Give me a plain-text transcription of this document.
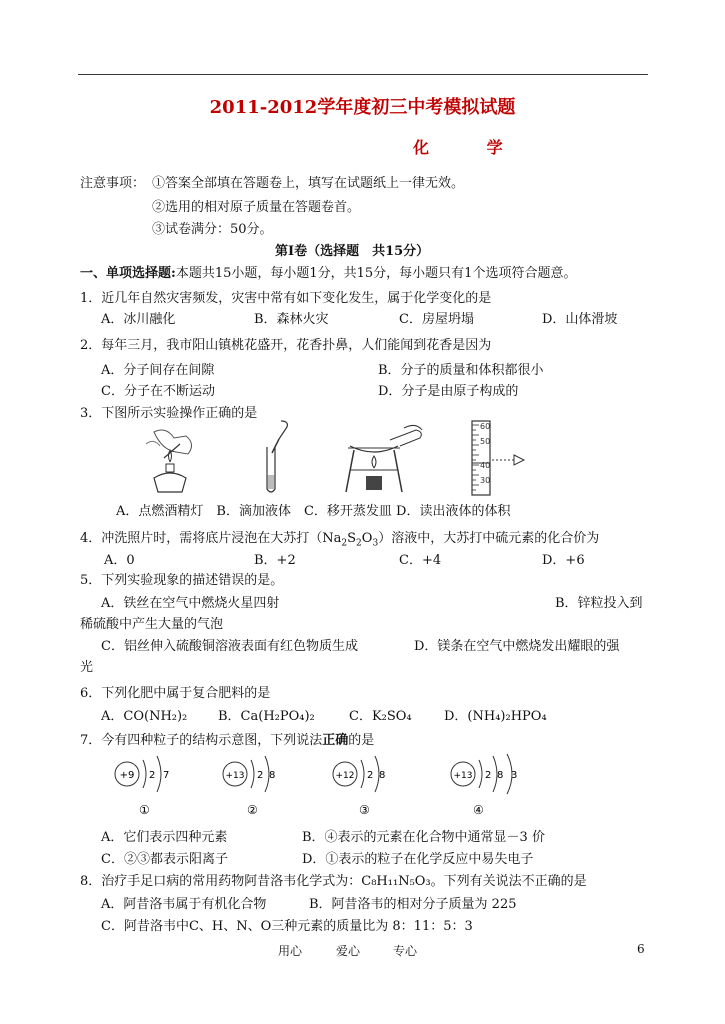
2011-2012学年度初三中考模拟试题
化 学
注意事项： ①答案全部填在答题卷上，填写在试题纸上一律无效。
②选用的相对原子质量在答题卷首。
③试卷满分：50分。
第Ⅰ卷（选择题　共15分）
一、单项选择题:本题共15小题，每小题1分，共15分，每小题只有1个选项符合题意。
1．近几年自然灾害频发，灾害中常有如下变化发生，属于化学变化的是
A．冰川融化	B．森林火灾	C．房屋坍塌	D．山体滑坡
2．每年三月，我市阳山镇桃花盛开，花香扑鼻，人们能闻到花香是因为
A．分子间存在间隙	B．分子的质量和体积都很小
C．分子在不断运动	D．分子是由原子构成的
3．下图所示实验操作正确的是
60
50
40
30
A．点燃酒精灯　B．滴加液体　C．移开蒸发皿 D．读出液体的体积
4．冲洗照片时，需将底片浸泡在大苏打$(Na_2S_2O_3)$溶液中，大苏打中硫元素的化合价为
A．0	B．+2	C．+4	D．+6
5．下列实验现象的描述错误的是。
A．铁丝在空气中燃烧火星四射	B．锌粒投入到
稀硫酸中产生大量的气泡
C．铝丝伸入硫酸铜溶液表面有红色物质生成	D．镁条在空气中燃烧发出耀眼的强
光
6．下列化肥中属于复合肥料的是
A．CO(NH₂)₂ B．Ca(H₂PO₄)₂	C．K₂SO₄ D．(NH₄)₂HPO₄
7．今有四种粒子的结构示意图，下列说法正确的是
+9 2 7
①
+13 2 8
②
+12 2 8
③
+13 2 8 3
④
A．它们表示四种元素	B．④表示的元素在化合物中通常显－3 价
C．②③都表示阳离子	D．①表示的粒子在化学反应中易失电子
8．治疗手足口病的常用药物阿昔洛韦化学式为：C₈H₁₁N₅O₃。下列有关说法不正确的是
A．阿昔洛韦属于有机化合物	B．阿昔洛韦的相对分子质量为 225
C．阿昔洛韦中C、H、N、O三种元素的质量比为 8：11：5：3
用心	爱心	专心	6
